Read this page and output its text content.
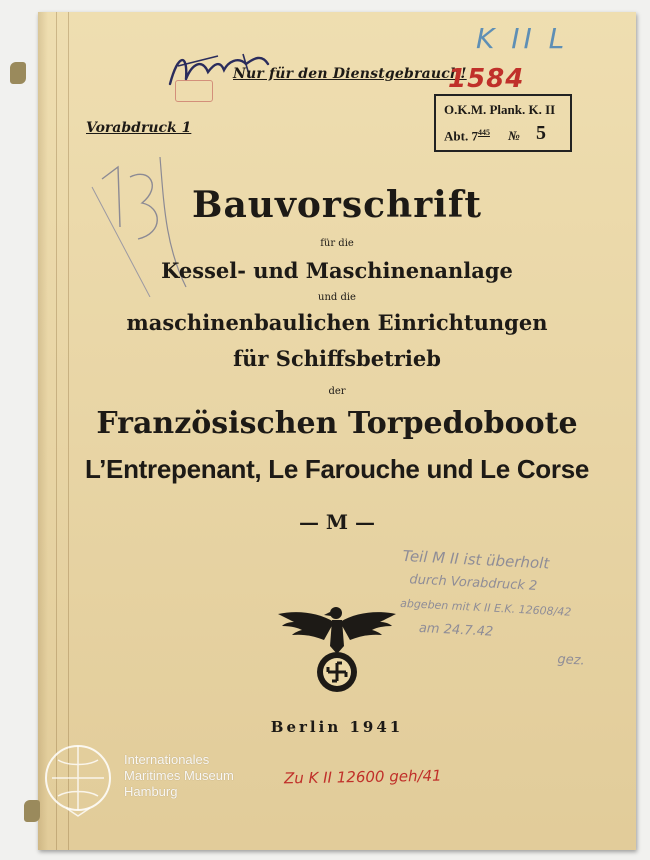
Nur für den Dienstgebrauch!
K II L
1584
Vorabdruck 1
O.K.M. Plank. K. II
Abt. $7^{445}$ № 5
Bauvorschrift
für die
Kessel- und Maschinenanlage
und die
maschinenbaulichen Einrichtungen
für Schiffsbetrieb
der
Französischen Torpedoboote
L’Entrepenant, Le Farouche und Le Corse
— M —
Teil M II ist überholt
durch Vorabdruck 2
abgeben mit K II E.K. 12608/42
am 24.7.42
gez.
Berlin 1941
Zu K II 12600 geh/41
Internationales
Maritimes Museum
Hamburg
